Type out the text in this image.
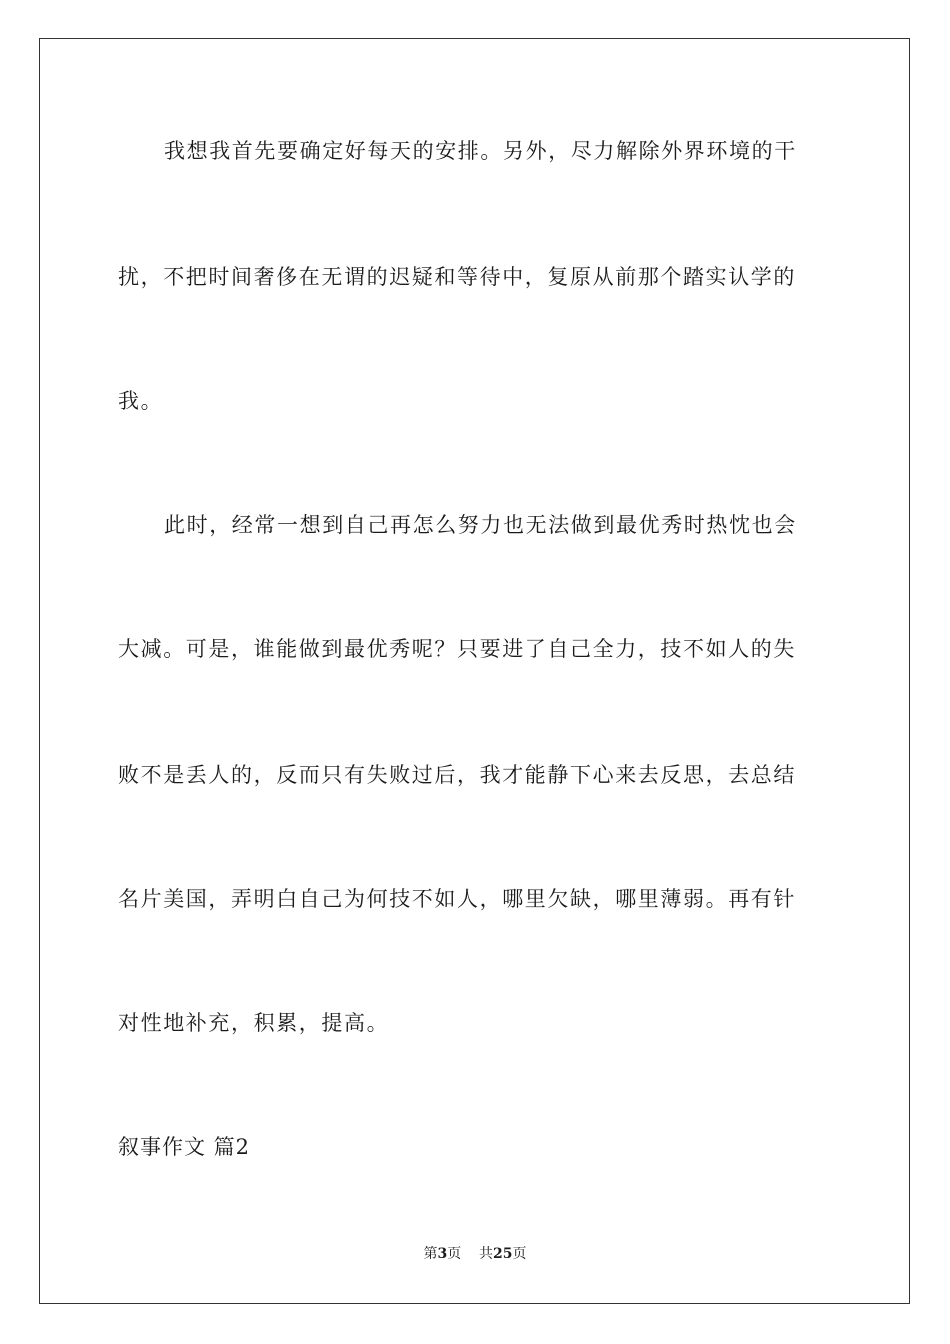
我想我首先要确定好每天的安排。另外，尽力解除外界环境的干
扰，不把时间奢侈在无谓的迟疑和等待中，复原从前那个踏实认学的
我。
此时，经常一想到自己再怎么努力也无法做到最优秀时热忱也会
大减。可是，谁能做到最优秀呢？只要进了自己全力，技不如人的失
败不是丢人的，反而只有失败过后，我才能静下心来去反思，去总结
名片美国，弄明白自己为何技不如人，哪里欠缺，哪里薄弱。再有针
对性地补充，积累，提高。
叙事作文 篇2
第3页 共25页
